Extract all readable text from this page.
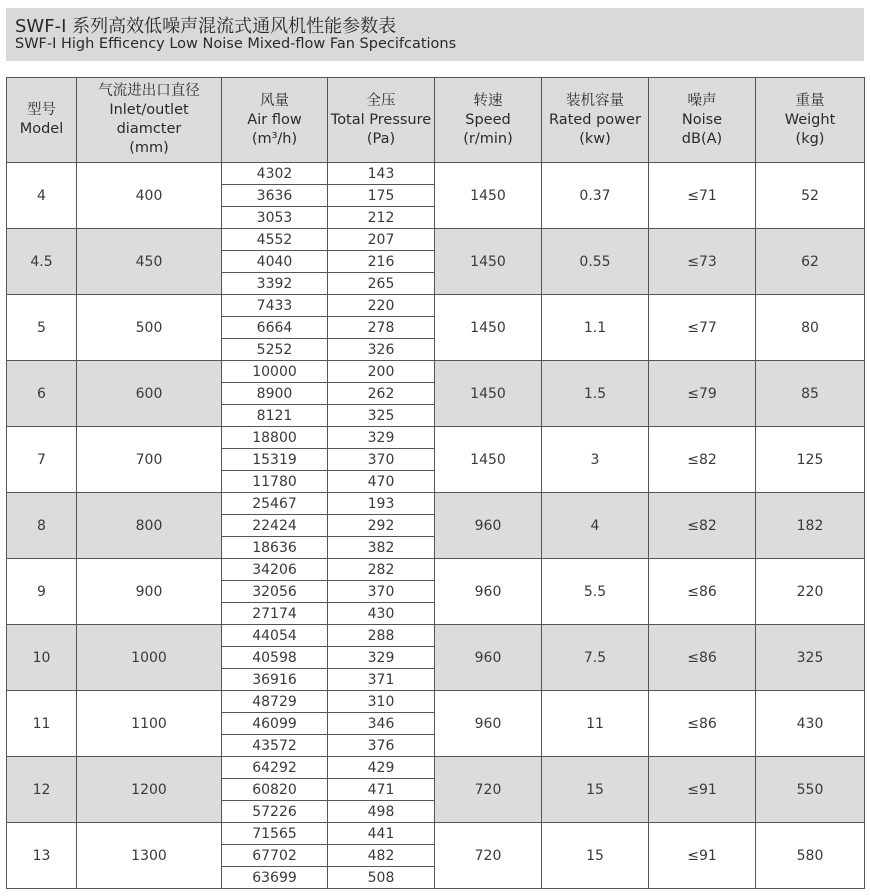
SWF-I 系列高效低噪声混流式通风机性能参数表
SWF-I High Efficency Low Noise Mixed-flow Fan Specifcations
型号
Model	气流进出口直径
Inlet/outlet
diamcter
(mm)	风量
Air flow
(m³/h)	全压
Total Pressure
(Pa)	转速
Speed
(r/min)	装机容量
Rated power
(kw)	噪声
Noise
dB(A)	重量
Weight
(kg)

4	400	4302	143	1450	0.37	≤71	52
		3636	175				
		3053	212				
4.5	450	4552	207	1450	0.55	≤73	62
		4040	216				
		3392	265				
5	500	7433	220	1450	1.1	≤77	80
		6664	278				
		5252	326				
6	600	10000	200	1450	1.5	≤79	85
		8900	262				
		8121	325				
7	700	18800	329	1450	3	≤82	125
		15319	370				
		11780	470				
8	800	25467	193	960	4	≤82	182
		22424	292				
		18636	382				
9	900	34206	282	960	5.5	≤86	220
		32056	370				
		27174	430				
10	1000	44054	288	960	7.5	≤86	325
		40598	329				
		36916	371				
11	1100	48729	310	960	11	≤86	430
		46099	346				
		43572	376				
12	1200	64292	429	720	15	≤91	550
		60820	471				
		57226	498				
13	1300	71565	441	720	15	≤91	580
		67702	482				
		63699	508				
